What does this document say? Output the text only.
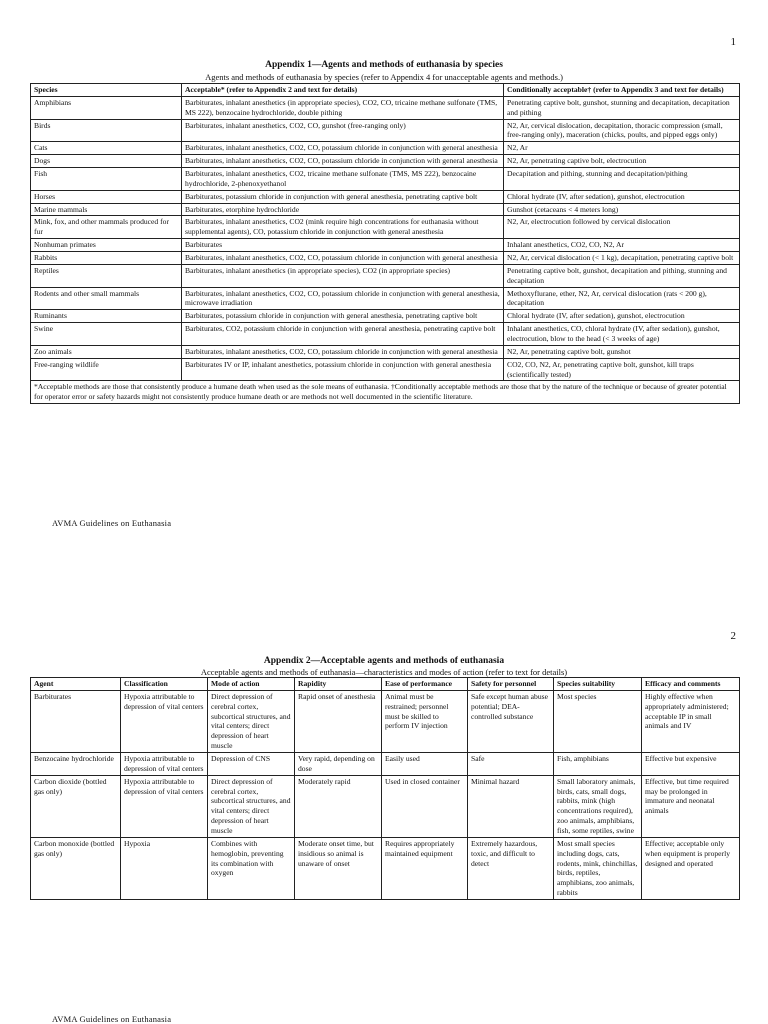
1
Appendix 1—Agents and methods of euthanasia by species
Agents and methods of euthanasia by species (refer to Appendix 4 for unacceptable agents and methods.)
Species	Acceptable* (refer to Appendix 2 and text for details)	Conditionally acceptable† (refer to Appendix 3 and text for details)
Amphibians	Barbiturates, inhalant anesthetics (in appropriate species), CO2, CO, tricaine methane sulfonate (TMS, MS 222), benzocaine hydrochloride, double pithing	Penetrating captive bolt, gunshot, stunning and decapitation, decapitation and pithing
Birds	Barbiturates, inhalant anesthetics, CO2, CO, gunshot (free-ranging only)	N2, Ar, cervical dislocation, decapitation, thoracic compression (small, free-ranging only), maceration (chicks, poults, and pipped eggs only)
Cats	Barbiturates, inhalant anesthetics, CO2, CO, potassium chloride in conjunction with general anesthesia	N2, Ar
Dogs	Barbiturates, inhalant anesthetics, CO2, CO, potassium chloride in conjunction with general anesthesia	N2, Ar, penetrating captive bolt, electrocution
Fish	Barbiturates, inhalant anesthetics, CO2, tricaine methane sulfonate (TMS, MS 222), benzocaine hydrochloride, 2-phenoxyethanol	Decapitation and pithing, stunning and decapitation/pithing
Horses	Barbiturates, potassium chloride in conjunction with general anesthesia, penetrating captive bolt	Chloral hydrate (IV, after sedation), gunshot, electrocution
Marine mammals	Barbiturates, etorphine hydrochloride	Gunshot (cetaceans < 4 meters long)
Mink, fox, and other mammals produced for fur	Barbiturates, inhalant anesthetics, CO2 (mink require high concentrations for euthanasia without supplemental agents), CO, potassium chloride in conjunction with general anesthesia	N2, Ar, electrocution followed by cervical dislocation
Nonhuman primates	Barbiturates	Inhalant anesthetics, CO2, CO, N2, Ar
Rabbits	Barbiturates, inhalant anesthetics, CO2, CO, potassium chloride in conjunction with general anesthesia	N2, Ar, cervical dislocation (< 1 kg), decapitation, penetrating captive bolt
Reptiles	Barbiturates, inhalant anesthetics (in appropriate species), CO2 (in appropriate species)	Penetrating captive bolt, gunshot, decapitation and pithing, stunning and decapitation
Rodents and other small mammals	Barbiturates, inhalant anesthetics, CO2, CO, potassium chloride in conjunction with general anesthesia, microwave irradiation	Methoxyflurane, ether, N2, Ar, cervical dislocation (rats < 200 g), decapitation
Ruminants	Barbiturates, potassium chloride in conjunction with general anesthesia, penetrating captive bolt	Chloral hydrate (IV, after sedation), gunshot, electrocution
Swine	Barbiturates, CO2, potassium chloride in conjunction with general anesthesia, penetrating captive bolt	Inhalant anesthetics, CO, chloral hydrate (IV, after sedation), gunshot, electrocution, blow to the head (< 3 weeks of age)
Zoo animals	Barbiturates, inhalant anesthetics, CO2, CO, potassium chloride in conjunction with general anesthesia	N2, Ar, penetrating captive bolt, gunshot
Free-ranging wildlife	Barbiturates IV or IP, inhalant anesthetics, potassium chloride in conjunction with general anesthesia	CO2, CO, N2, Ar, penetrating captive bolt, gunshot, kill traps (scientifically tested)
*Acceptable methods are those that consistently produce a humane death when used as the sole means of euthanasia. †Conditionally acceptable methods are those that by the nature of the technique or because of greater potential for operator error or safety hazards might not consistently produce humane death or are methods not well documented in the scientific literature.		
AVMA Guidelines on Euthanasia
2
Appendix 2—Acceptable agents and methods of euthanasia
Acceptable agents and methods of euthanasia—characteristics and modes of action (refer to text for details)
Agent	Classification	Mode of action	Rapidity	Ease of performance	Safety for personnel	Species suitability	Efficacy and comments
Barbiturates	Hypoxia attributable to depression of vital centers	Direct depression of cerebral cortex, subcortical structures, and vital centers; direct depression of heart muscle	Rapid onset of anesthesia	Animal must be restrained; personnel must be skilled to perform IV injection	Safe except human abuse potential; DEA-controlled substance	Most species	Highly effective when appropriately administered; acceptable IP in small animals and IV
Benzocaine hydrochloride	Hypoxia attributable to depression of vital centers	Depression of CNS	Very rapid, depending on dose	Easily used	Safe	Fish, amphibians	Effective but expensive
Carbon dioxide (bottled gas only)	Hypoxia attributable to depression of vital centers	Direct depression of cerebral cortex, subcortical structures, and vital centers; direct depression of heart muscle	Moderately rapid	Used in closed container	Minimal hazard	Small laboratory animals, birds, cats, small dogs, rabbits, mink (high concentrations required), zoo animals, amphibians, fish, some reptiles, swine	Effective, but time required may be prolonged in immature and neonatal animals
Carbon monoxide (bottled gas only)	Hypoxia	Combines with hemoglobin, preventing its combination with oxygen	Moderate onset time, but insidious so animal is unaware of onset	Requires appropriately maintained equipment	Extremely hazardous, toxic, and difficult to detect	Most small species including dogs, cats, rodents, mink, chinchillas, birds, reptiles, amphibians, zoo animals, rabbits	Effective; acceptable only when equipment is properly designed and operated
AVMA Guidelines on Euthanasia
